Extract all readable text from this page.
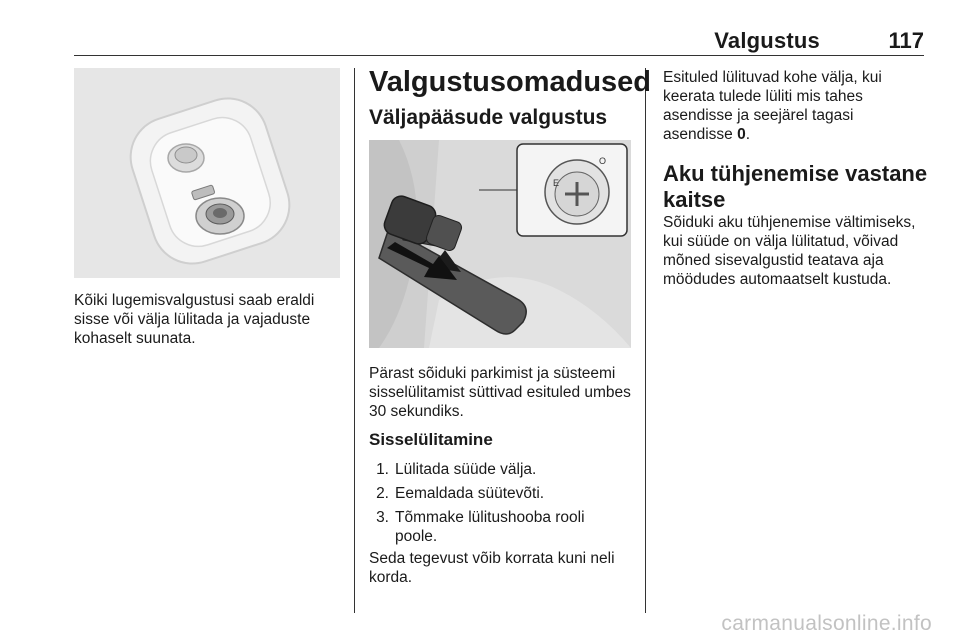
Valgustus	117
Kõiki lugemisvalgustusi saab eraldi sisse või välja lülitada ja vajaduste kohaselt suunata.
Valgustusomadused
Väljapääsude valgustus
E
O
Pärast sõiduki parkimist ja süsteemi sisselülitamist süttivad esituled umbes 30 sekundiks.
Sisselülitamine
1. Lülitada süüde välja.
2. Eemaldada süütevõti.
3. Tõmmake lülitushooba rooli poole.
Seda tegevust võib korrata kuni neli korda.
Esituled lülituvad kohe välja, kui keerata tulede lüliti mis tahes asendisse ja seejärel tagasi asendisse 0.
Aku tühjenemise vastane kaitse
Sõiduki aku tühjenemise vältimiseks, kui süüde on välja lülitatud, võivad mõned sisevalgustid teatava aja möödudes automaatselt kustuda.
carmanualsonline.info
